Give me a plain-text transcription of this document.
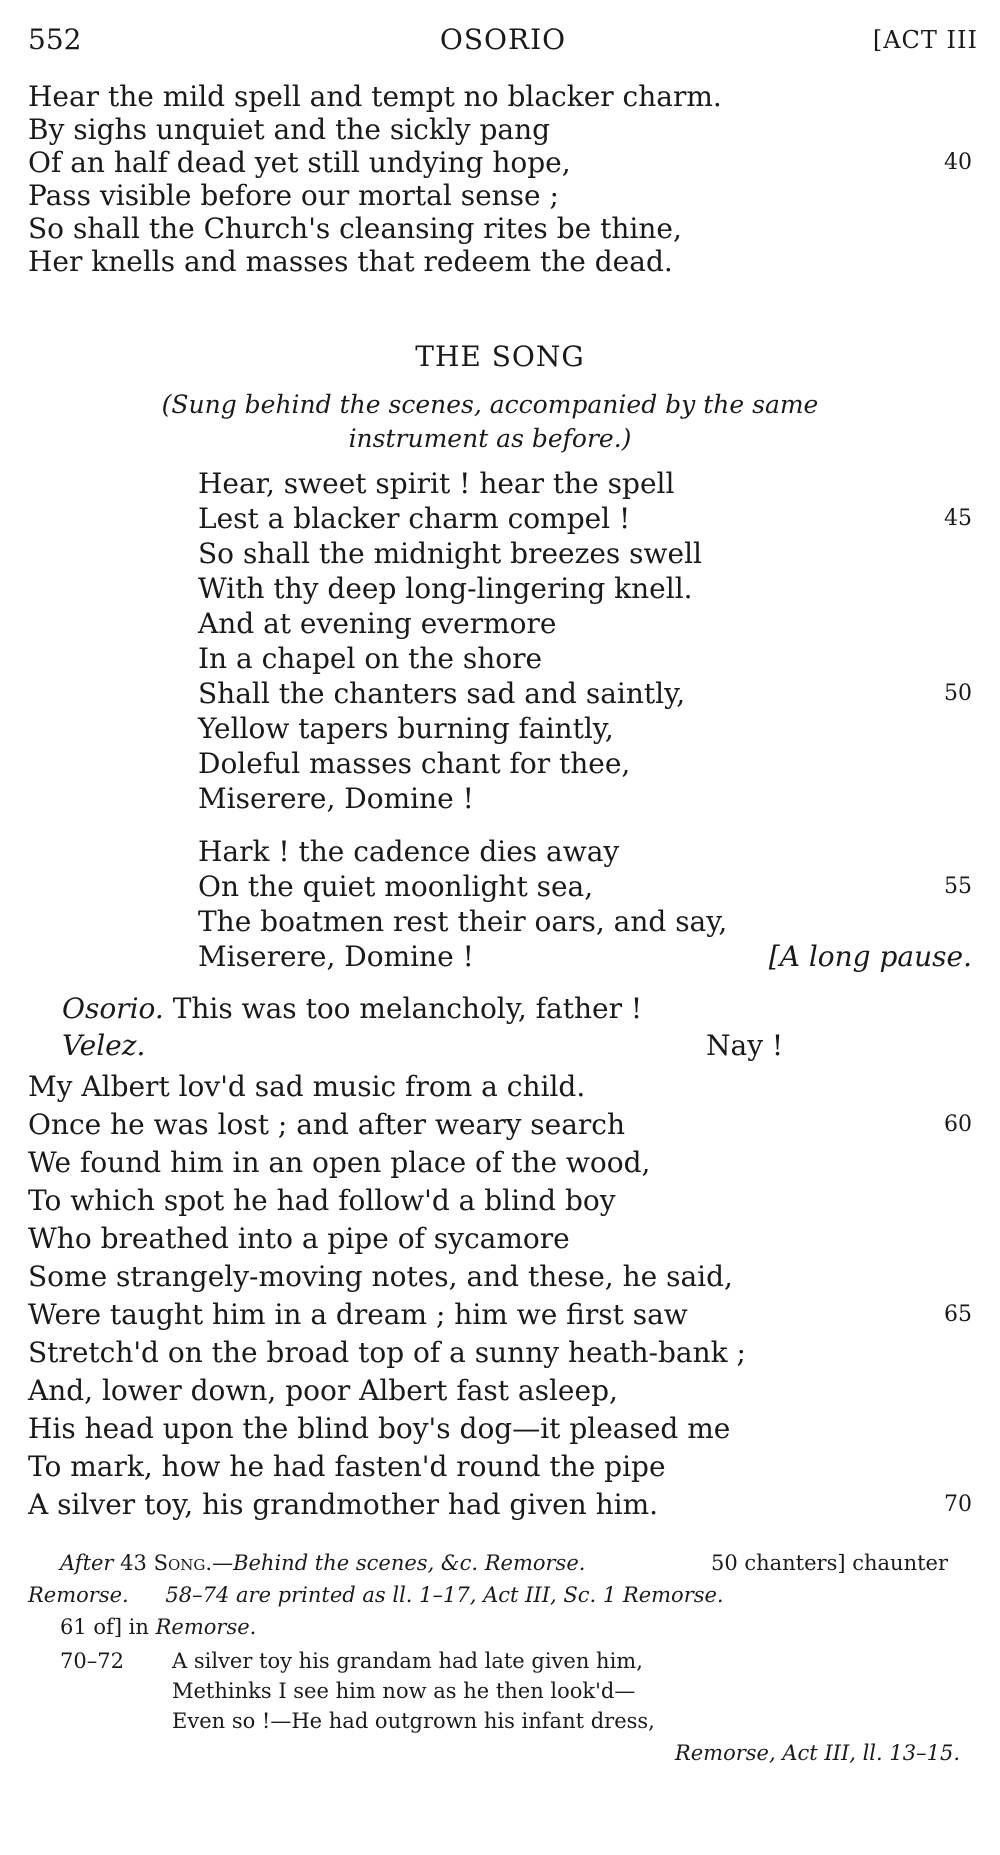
OSORIO
552	[ACT III
Hear the mild spell and tempt no blacker charm.
By sighs unquiet and the sickly pang
Of an half dead yet still undying hope,	40
Pass visible before our mortal sense ;
So shall the Church's cleansing rites be thine,
Her knells and masses that redeem the dead.
THE SONG
(Sung behind the scenes, accompanied by the same
instrument as before.)
Hear, sweet spirit ! hear the spell
Lest a blacker charm compel !	45
So shall the midnight breezes swell
With thy deep long-lingering knell.
And at evening evermore
In a chapel on the shore
Shall the chanters sad and saintly,	50
Yellow tapers burning faintly,
Doleful masses chant for thee,
Miserere, Domine !
Hark ! the cadence dies away
On the quiet moonlight sea,	55
The boatmen rest their oars, and say,
Miserere, Domine !	[A long pause.
Osorio. This was too melancholy, father !
Velez.	Nay !
My Albert lov'd sad music from a child.
Once he was lost ; and after weary search	60
We found him in an open place of the wood,
To which spot he had follow'd a blind boy
Who breathed into a pipe of sycamore
Some strangely-moving notes, and these, he said,
Were taught him in a dream ; him we first saw	65
Stretch'd on the broad top of a sunny heath-bank ;
And, lower down, poor Albert fast asleep,
His head upon the blind boy's dog—it pleased me
To mark, how he had fasten'd round the pipe
A silver toy, his grandmother had given him.	70
After 43 Song.—Behind the scenes, &c. Remorse.	50 chanters] chaunter
Remorse. 58–74 are printed as ll. 1–17, Act III, Sc. 1 Remorse.
61 of] in Remorse.
70–72 A silver toy his grandam had late given him,
Methinks I see him now as he then look'd—
Even so !—He had outgrown his infant dress,
Remorse, Act III, ll. 13–15.
